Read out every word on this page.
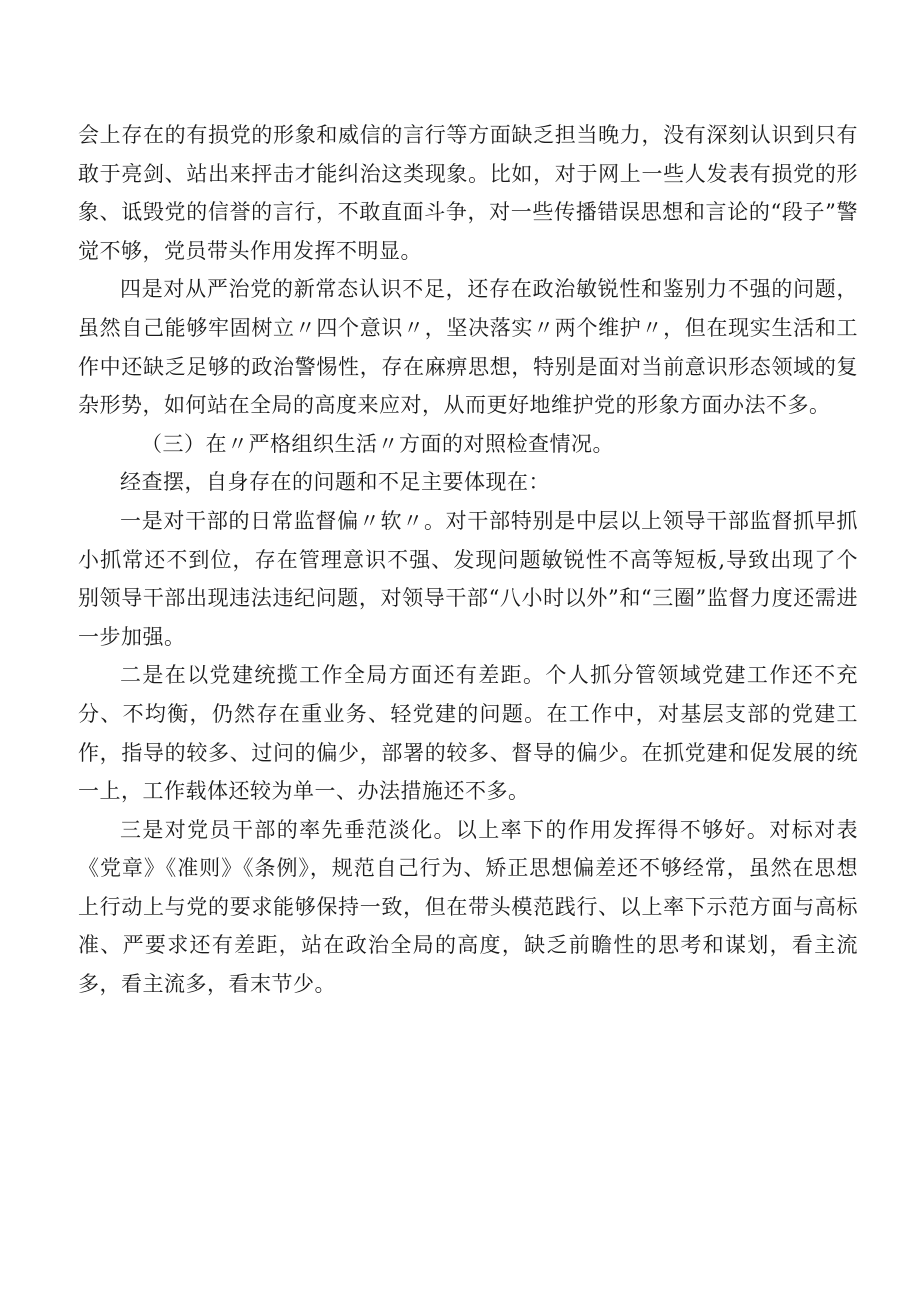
会上存在的有损党的形象和威信的言行等方面缺乏担当晚力，没有深刻认识到只有敢于亮剑、站出来抨击才能纠治这类现象。比如，对于网上一些人发表有损党的形象、诋毁党的信誉的言行，不敢直面斗争，对一些传播错误思想和言论的“段子”警觉不够，党员带头作用发挥不明显。

四是对从严治党的新常态认识不足，还存在政治敏锐性和鉴别力不强的问题，虽然自己能够牢固树立〃四个意识〃，坚决落实〃两个维护〃，但在现实生活和工作中还缺乏足够的政治警惕性，存在麻痹思想，特别是面对当前意识形态领域的复杂形势，如何站在全局的高度来应对，从而更好地维护党的形象方面办法不多。

（三）在〃严格组织生活〃方面的对照检查情况。

经查摆，自身存在的问题和不足主要体现在：

一是对干部的日常监督偏〃软〃。对干部特别是中层以上领导干部监督抓早抓小抓常还不到位，存在管理意识不强、发现问题敏锐性不高等短板,导致出现了个别领导干部出现违法违纪问题，对领导干部“八小时以外”和“三圈”监督力度还需进一步加强。

二是在以党建统揽工作全局方面还有差距。个人抓分管领域党建工作还不充分、不均衡，仍然存在重业务、轻党建的问题。在工作中，对基层支部的党建工作，指导的较多、过问的偏少，部署的较多、督导的偏少。在抓党建和促发展的统一上，工作载体还较为单一、办法措施还不多。

三是对党员干部的率先垂范淡化。以上率下的作用发挥得不够好。对标对表《党章》《准则》《条例》，规范自己行为、矫正思想偏差还不够经常，虽然在思想上行动上与党的要求能够保持一致，但在带头模范践行、以上率下示范方面与高标准、严要求还有差距，站在政治全局的高度，缺乏前瞻性的思考和谋划，看主流多，看主流多，看末节少。
